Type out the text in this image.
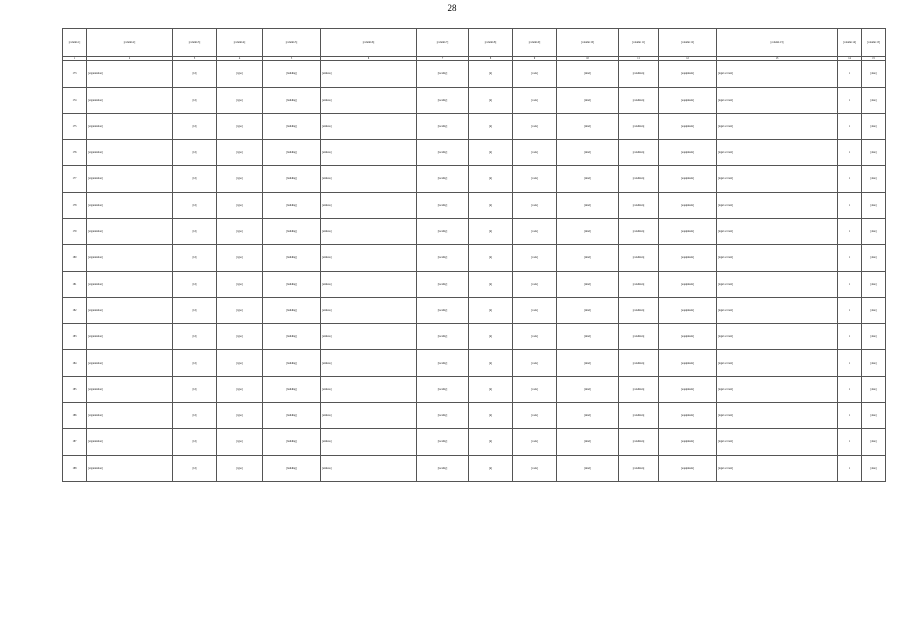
28
[column 1]	[column 2]	[column 3]	[column 4]	[column 5]	[column 6]	[column 7]	[column 8]	[column 9]	[column 10]	[column 11]	[column 12]	[column 13]	[column 14]	[column 15]
1	2	3	4	5	6	7	8	9	10	11	12	13	14	15
173	[organization]	[id]	[type]	[building]	[address]	[locality]	[n]	[code]	[kind]	[condition]	[equipment]	[legal act text]	1	[date]
174	[organization]	[id]	[type]	[building]	[address]	[locality]	[n]	[code]	[kind]	[condition]	[equipment]	[legal act text]	1	[date]
175	[organization]	[id]	[type]	[building]	[address]	[locality]	[n]	[code]	[kind]	[condition]	[equipment]	[legal act text]	1	[date]
176	[organization]	[id]	[type]	[building]	[address]	[locality]	[n]	[code]	[kind]	[condition]	[equipment]	[legal act text]	1	[date]
177	[organization]	[id]	[type]	[building]	[address]	[locality]	[n]	[code]	[kind]	[condition]	[equipment]	[legal act text]	1	[date]
178	[organization]	[id]	[type]	[building]	[address]	[locality]	[n]	[code]	[kind]	[condition]	[equipment]	[legal act text]	1	[date]
179	[organization]	[id]	[type]	[building]	[address]	[locality]	[n]	[code]	[kind]	[condition]	[equipment]	[legal act text]	1	[date]
180	[organization]	[id]	[type]	[building]	[address]	[locality]	[n]	[code]	[kind]	[condition]	[equipment]	[legal act text]	1	[date]
181	[organization]	[id]	[type]	[building]	[address]	[locality]	[n]	[code]	[kind]	[condition]	[equipment]	[legal act text]	1	[date]
182	[organization]	[id]	[type]	[building]	[address]	[locality]	[n]	[code]	[kind]	[condition]	[equipment]	[legal act text]	1	[date]
183	[organization]	[id]	[type]	[building]	[address]	[locality]	[n]	[code]	[kind]	[condition]	[equipment]	[legal act text]	1	[date]
184	[organization]	[id]	[type]	[building]	[address]	[locality]	[n]	[code]	[kind]	[condition]	[equipment]	[legal act text]	1	[date]
185	[organization]	[id]	[type]	[building]	[address]	[locality]	[n]	[code]	[kind]	[condition]	[equipment]	[legal act text]	1	[date]
186	[organization]	[id]	[type]	[building]	[address]	[locality]	[n]	[code]	[kind]	[condition]	[equipment]	[legal act text]	1	[date]
187	[organization]	[id]	[type]	[building]	[address]	[locality]	[n]	[code]	[kind]	[condition]	[equipment]	[legal act text]	1	[date]
188	[organization]	[id]	[type]	[building]	[address]	[locality]	[n]	[code]	[kind]	[condition]	[equipment]	[legal act text]	1	[date]
